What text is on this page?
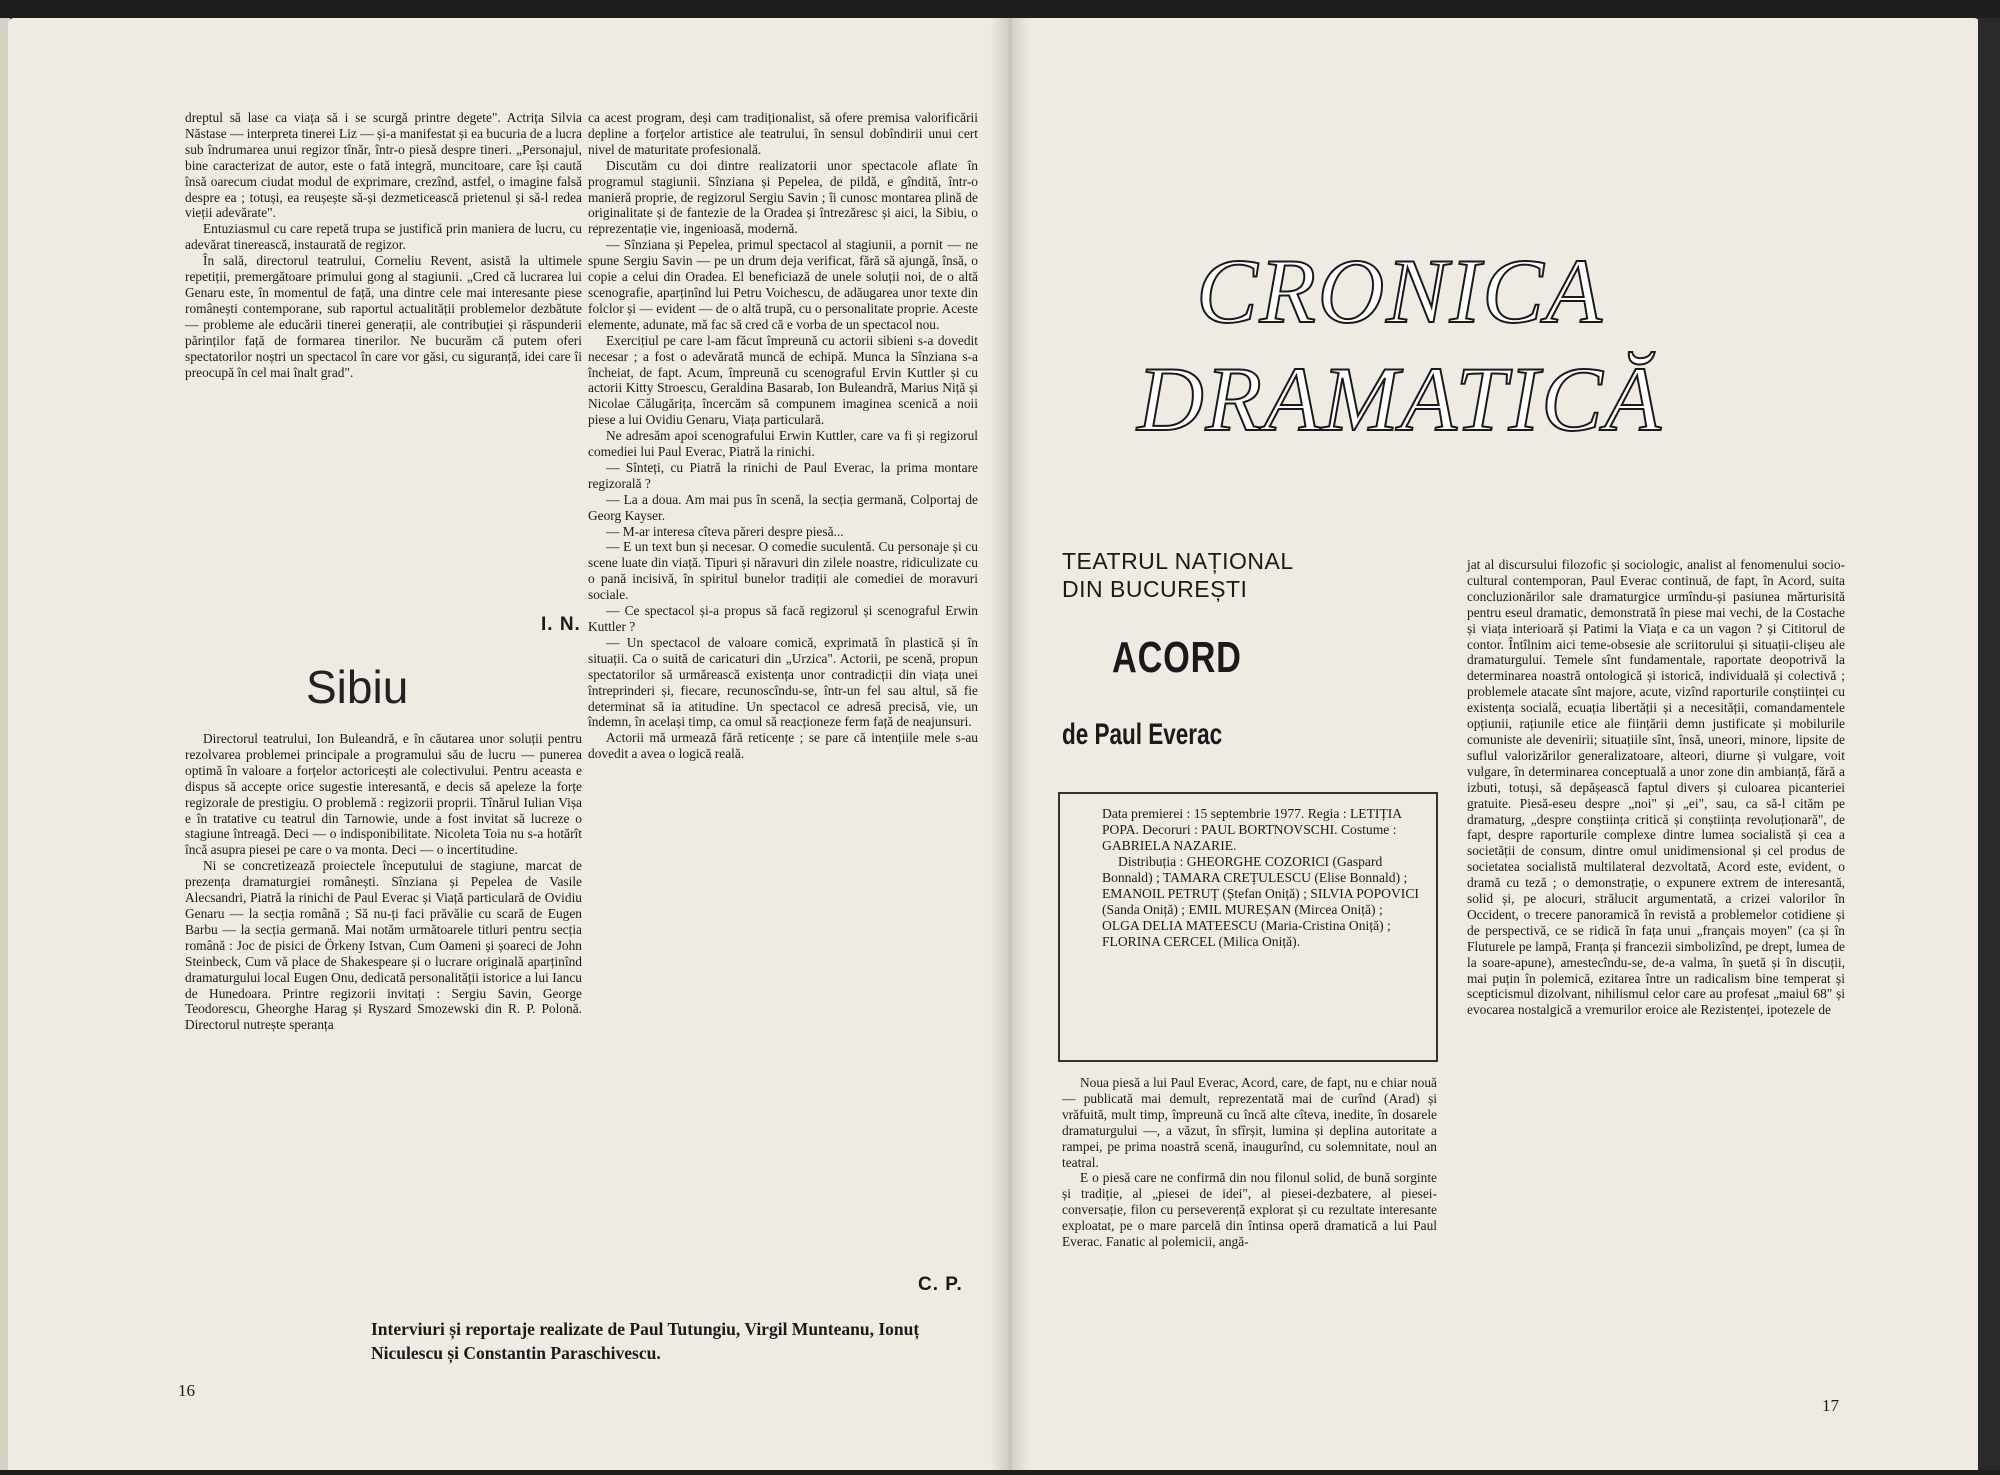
dreptul să lase ca viața să i se scurgă printre degete". Actrița Silvia Năstase — interpreta tinerei Liz — și-a manifestat și ea bucuria de a lucra sub îndrumarea unui regizor tînăr, într-o piesă despre tineri. „Personajul, bine caracterizat de autor, este o fată integră, muncitoare, care își caută însă oarecum ciudat modul de exprimare, crezînd, astfel, o imagine falsă despre ea ; totuși, ea reușește să-și dezmeticească prietenul și să-l redea vieții adevărate".

Entuziasmul cu care repetă trupa se justifică prin maniera de lucru, cu adevărat tinerească, instaurată de regizor.

În sală, directorul teatrului, Corneliu Revent, asistă la ultimele repetiții, premergătoare primului gong al stagiunii. „Cred că lucrarea lui Genaru este, în momentul de față, una dintre cele mai interesante piese românești contemporane, sub raportul actualității problemelor dezbătute — probleme ale educării tinerei generații, ale contribuției și răspunderii părinților față de formarea tinerilor. Ne bucurăm că putem oferi spectatorilor noștri un spectacol în care vor găsi, cu siguranță, idei care îi preocupă în cel mai înalt grad".

I. N.
Sibiu

Directorul teatrului, Ion Buleandră, e în căutarea unor soluții pentru rezolvarea problemei principale a programului său de lucru — punerea optimă în valoare a forțelor actoricești ale colectivului. Pentru aceasta e dispus să accepte orice sugestie interesantă, e decis să apeleze la forțe regizorale de prestigiu. O problemă : regizorii proprii. Tînărul Iulian Vișa e în tratative cu teatrul din Tarnowie, unde a fost invitat să lucreze o stagiune întreagă. Deci — o indisponibilitate. Nicoleta Toia nu s-a hotărît încă asupra piesei pe care o va monta. Deci — o incertitudine.

Ni se concretizează proiectele începutului de stagiune, marcat de prezența dramaturgiei românești. Sînziana și Pepelea de Vasile Alecsandri, Piatră la rinichi de Paul Everac și Viață particulară de Ovidiu Genaru — la secția română ; Să nu-ți faci prăvălie cu scară de Eugen Barbu — la secția germană. Mai notăm următoarele titluri pentru secția română : Joc de pisici de Örkeny Istvan, Cum Oameni și șoareci de John Steinbeck, Cum vă place de Shakespeare și o lucrare originală aparținînd dramaturgului local Eugen Onu, dedicată personalității istorice a lui Iancu de Hunedoara. Printre regizorii invitați : Sergiu Savin, George Teodorescu, Gheorghe Harag și Ryszard Smozewski din R. P. Polonă. Directorul nutrește speranța

ca acest program, deși cam tradiționalist, să ofere premisa valorificării depline a forțelor artistice ale teatrului, în sensul dobîndirii unui cert nivel de maturitate profesională.

Discutăm cu doi dintre realizatorii unor spectacole aflate în programul stagiunii. Sînziana și Pepelea, de pildă, e gîndită, într-o manieră proprie, de regizorul Sergiu Savin ; îi cunosc montarea plină de originalitate și de fantezie de la Oradea și întrezăresc și aici, la Sibiu, o reprezentație vie, ingenioasă, modernă.

— Sînziana și Pepelea, primul spectacol al stagiunii, a pornit — ne spune Sergiu Savin — pe un drum deja verificat, fără să ajungă, însă, o copie a celui din Oradea. El beneficiază de unele soluții noi, de o altă scenografie, aparținînd lui Petru Voichescu, de adăugarea unor texte din folclor și — evident — de o altă trupă, cu o personalitate proprie. Aceste elemente, adunate, mă fac să cred că e vorba de un spectacol nou.

Exercițiul pe care l-am făcut împreună cu actorii sibieni s-a dovedit necesar ; a fost o adevărată muncă de echipă. Munca la Sînziana s-a încheiat, de fapt. Acum, împreună cu scenograful Ervin Kuttler și cu actorii Kitty Stroescu, Geraldina Basarab, Ion Buleandră, Marius Niță și Nicolae Călugărița, încercăm să compunem imaginea scenică a noii piese a lui Ovidiu Genaru, Viața particulară.

Ne adresăm apoi scenografului Erwin Kuttler, care va fi și regizorul comediei lui Paul Everac, Piatră la rinichi.

— Sînteți, cu Piatră la rinichi de Paul Everac, la prima montare regizorală ?

— La a doua. Am mai pus în scenă, la secția germană, Colportaj de Georg Kayser.

— M-ar interesa cîteva păreri despre piesă...

— E un text bun și necesar. O comedie suculentă. Cu personaje și cu scene luate din viață. Tipuri și năravuri din zilele noastre, ridiculizate cu o pană incisivă, în spiritul bunelor tradiții ale comediei de moravuri sociale.

— Ce spectacol și-a propus să facă regizorul și scenograful Erwin Kuttler ?

— Un spectacol de valoare comică, exprimată în plastică și în situații. Ca o suită de caricaturi din „Urzica". Actorii, pe scenă, propun spectatorilor să urmărească existența unor contradicții din viața unei întreprinderi și, fiecare, recunoscîndu-se, într-un fel sau altul, să fie determinat să ia atitudine. Un spectacol ce adresă precisă, vie, un îndemn, în același timp, ca omul să reacționeze ferm față de neajunsuri.

Actorii mă urmează fără reticențe ; se pare că intențiile mele s-au dovedit a avea o logică reală.

C. P.
Interviuri și reportaje realizate de Paul Tutungiu, Virgil Munteanu, Ionuț Niculescu și Constantin Paraschivescu.
16
17
CRONICA
DRAMATICĂ
TEATRUL NAȚIONAL
DIN BUCUREȘTI
ACORD
de Paul Everac

Data premierei : 15 septembrie 1977. Regia : LETIȚIA POPA. Decoruri : PAUL BORTNOVSCHI. Costume : GABRIELA NAZARIE.

Distribuția : GHEORGHE COZORICI (Gaspard Bonnald) ; TAMARA CREȚULESCU (Elise Bonnald) ; EMANOIL PETRUȚ (Ștefan Oniță) ; SILVIA POPOVICI (Sanda Oniță) ; EMIL MUREȘAN (Mircea Oniță) ; OLGA DELIA MATEESCU (Maria-Cristina Oniță) ; FLORINA CERCEL (Milica Oniță).

Noua piesă a lui Paul Everac, Acord, care, de fapt, nu e chiar nouă — publicată mai demult, reprezentată mai de curînd (Arad) și vrăfuită, mult timp, împreună cu încă alte cîteva, inedite, în dosarele dramaturgului —, a văzut, în sfîrșit, lumina și deplina autoritate a rampei, pe prima noastră scenă, inaugurînd, cu solemnitate, noul an teatral.

E o piesă care ne confirmă din nou filonul solid, de bună sorginte și tradiție, al „piesei de idei", al piesei-dezbatere, al piesei-conversație, filon cu perseverență explorat și cu rezultate interesante exploatat, pe o mare parcelă din întinsa operă dramatică a lui Paul Everac. Fanatic al polemicii, angă-

jat al discursului filozofic și sociologic, analist al fenomenului socio-cultural contemporan, Paul Everac continuă, de fapt, în Acord, suita concluzionărilor sale dramaturgice urmîndu-și pasiunea mărturisită pentru eseul dramatic, demonstrată în piese mai vechi, de la Costache și viața interioară și Patimi la Viața e ca un vagon ? și Cititorul de contor. Întîlnim aici teme-obsesie ale scriitorului și situații-clișeu ale dramaturgului. Temele sînt fundamentale, raportate deopotrivă la determinarea noastră ontologică și istorică, individuală și colectivă ; problemele atacate sînt majore, acute, vizînd raporturile conștiinței cu existența socială, ecuația libertății și a necesității, comandamentele opțiunii, rațiunile etice ale ființării demn justificate și mobilurile comuniste ale devenirii; situațiile sînt, însă, uneori, minore, lipsite de suflul valorizărilor generalizatoare, alteori, diurne și vulgare, voit vulgare, în determinarea conceptuală a unor zone din ambianță, fără a izbuti, totuși, să depășească faptul divers și culoarea picanteriei gratuite. Piesă-eseu despre „noi" și „ei", sau, ca să-l cităm pe dramaturg, „despre conștiința critică și conștiința revoluționară", de fapt, despre raporturile complexe dintre lumea socialistă și cea a societății de consum, dintre omul unidimensional și cel produs de societatea socialistă multilateral dezvoltată, Acord este, evident, o dramă cu teză ; o demonstrație, o expunere extrem de interesantă, solid și, pe alocuri, strălucit argumentată, a crizei valorilor în Occident, o trecere panoramică în revistă a problemelor cotidiene și de perspectivă, ce se ridică în fața unui „français moyen" (ca și în Fluturele pe lampă, Franța și francezii simbolizînd, pe drept, lumea de la soare-apune), amestecîndu-se, de-a valma, în șuetă și în discuții, mai puțin în polemică, ezitarea între un radicalism bine temperat și scepticismul dizolvant, nihilismul celor care au profesat „maiul 68" și evocarea nostalgică a vremurilor eroice ale Rezistenței, ipotezele de
